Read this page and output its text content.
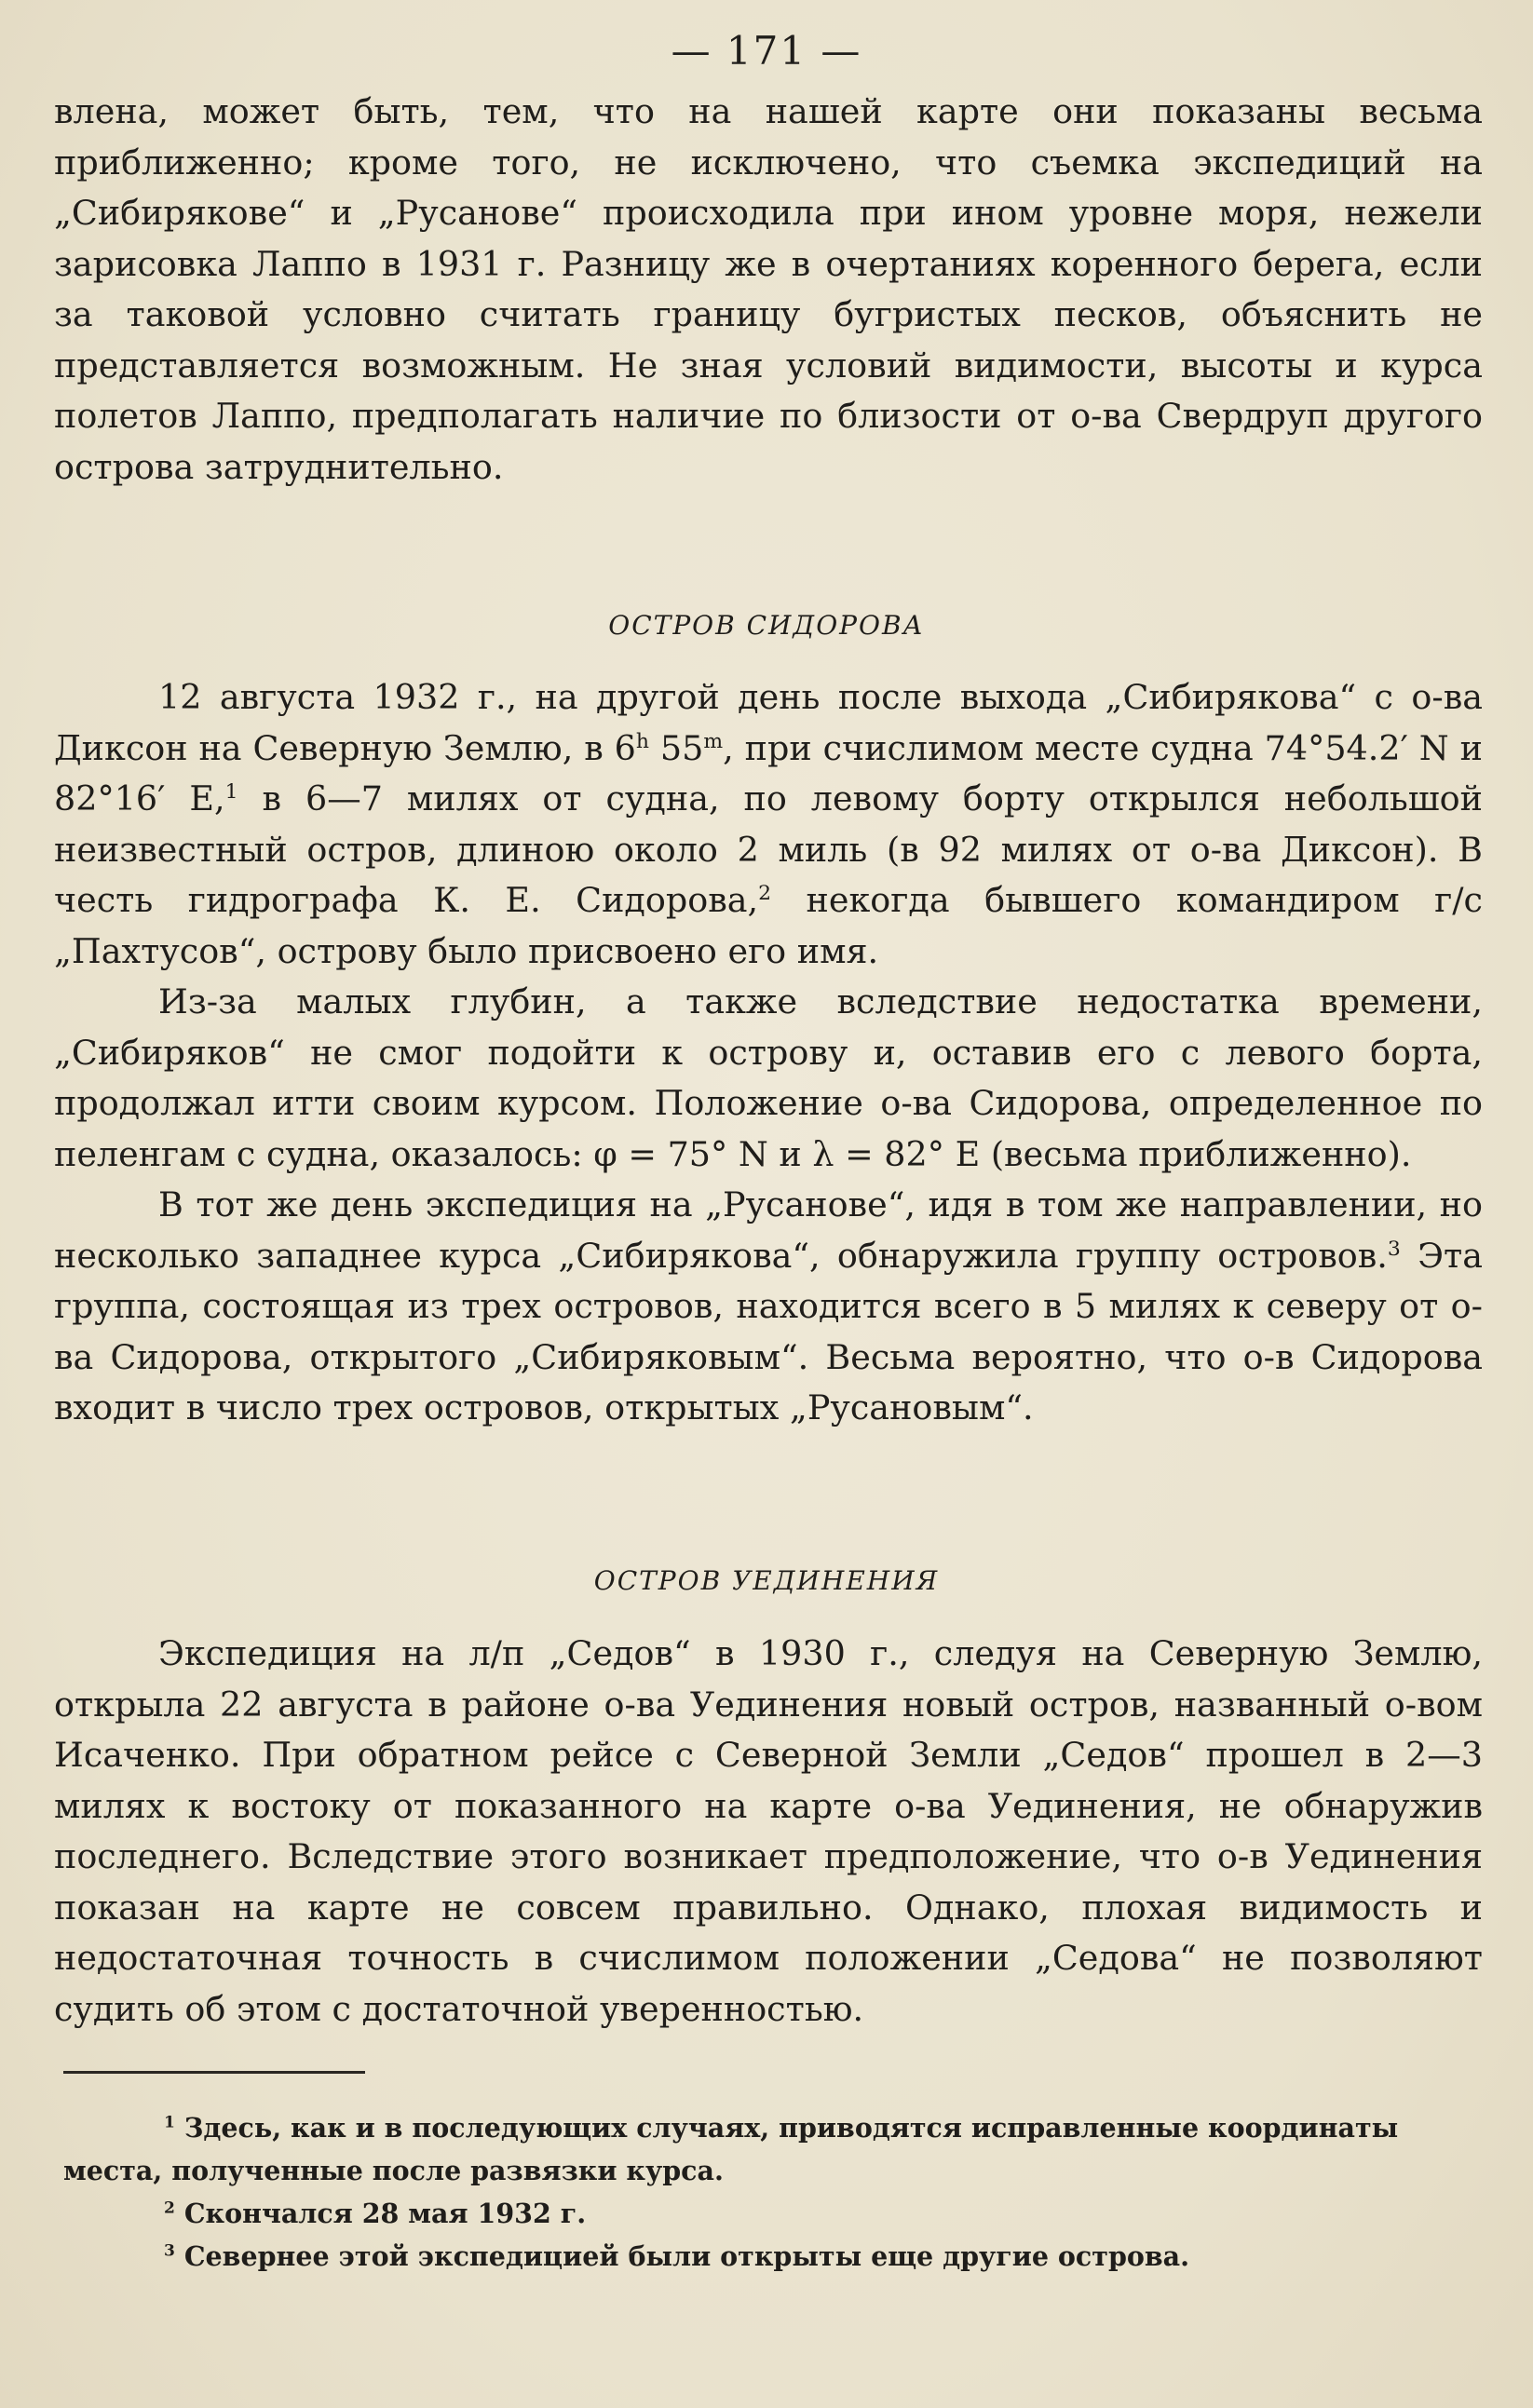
— 171 —

влена, может быть, тем, что на нашей карте они показаны весьма приближенно; кроме того, не исключено, что съемка экспедиций на „Сибирякове“ и „Русанове“ происходила при ином уровне моря, нежели зарисовка Лаппо в 1931 г. Разницу же в очертаниях коренного берега, если за таковой условно считать границу бугристых песков, объяснить не представляется возможным. Не зная условий видимости, высоты и курса полетов Лаппо, предполагать наличие по близости от о-ва Свердруп другого острова затруднительно.

ОСТРОВ СИДОРОВА

12 августа 1932 г., на другой день после выхода „Сибирякова“ с о-ва Диксон на Северную Землю, в 6$^h$ 55$^m$, при счислимом месте судна 74°54.2′ N и 82°16′ E,$^1$ в 6—7 милях от судна, по левому борту открылся небольшой неизвестный остров, длиною около 2 миль (в 92 милях от о-ва Диксон). В честь гидрографа К. Е. Сидорова,$^2$ некогда бывшего командиром г/с „Пахтусов“, острову было присвоено его имя.

Из-за малых глубин, а также вследствие недостатка времени, „Сибиряков“ не смог подойти к острову и, оставив его с левого борта, продолжал итти своим курсом. Положение о-ва Сидорова, определенное по пеленгам с судна, оказалось: φ = 75° N и λ = 82° E (весьма приближенно).

В тот же день экспедиция на „Русанове“, идя в том же направлении, но несколько западнее курса „Сибирякова“, обнаружила группу островов.$^3$ Эта группа, состоящая из трех островов, находится всего в 5 милях к северу от о-ва Сидорова, открытого „Сибиряковым“. Весьма вероятно, что о-в Сидорова входит в число трех островов, открытых „Русановым“.

ОСТРОВ УЕДИНЕНИЯ

Экспедиция на л/п „Седов“ в 1930 г., следуя на Северную Землю, открыла 22 августа в районе о-ва Уединения новый остров, названный о-вом Исаченко. При обратном рейсе с Северной Земли „Седов“ прошел в 2—3 милях к востоку от показанного на карте о-ва Уединения, не обнаружив последнего. Вследствие этого возникает предположение, что о-в Уединения показан на карте не совсем правильно. Однако, плохая видимость и недостаточная точность в счислимом положении „Седова“ не позволяют судить об этом с достаточной уверенностью.

$^1$ Здесь, как и в последующих случаях, приводятся исправленные координаты места, полученные после развязки курса.

$^2$ Скончался 28 мая 1932 г.

$^3$ Севернее этой экспедицией были открыты еще другие острова.
